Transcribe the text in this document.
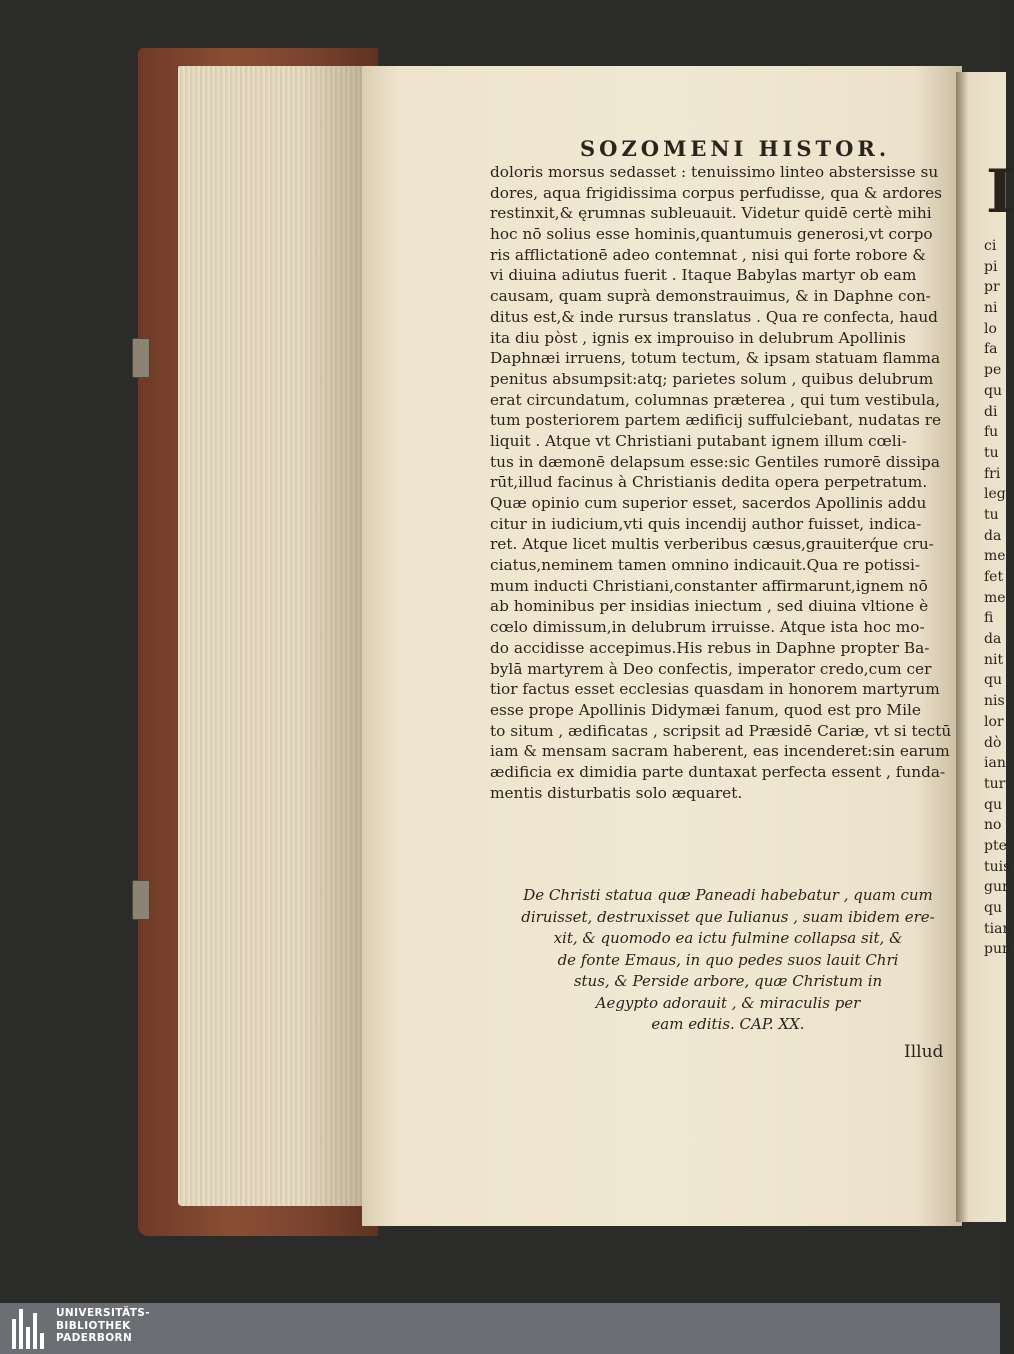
SOZOMENI HISTOR.
doloris morsus sedasset : tenuissimo linteo abstersisse su
dores, aqua frigidissima corpus perfudisse, qua & ardores
restinxit,& ęrumnas subleuauit. Videtur quidē certè mihi
hoc nō solius esse hominis,quantumuis generosi,vt corpo
ris afflictationē adeo contemnat , nisi qui forte robore &
vi diuina adiutus fuerit . Itaque Babylas martyr ob eam
causam, quam suprà demonstrauimus, & in Daphne con-
ditus est,& inde rursus translatus . Qua re confecta, haud
ita diu pòst , ignis ex improuiso in delubrum Apollinis
Daphnæi irruens, totum tectum, & ipsam statuam flamma
penitus absumpsit:atq; parietes solum , quibus delubrum
erat circundatum, columnas præterea , qui tum vestibula,
tum posteriorem partem ædificij suffulciebant, nudatas re
liquit . Atque vt Christiani putabant ignem illum cœli-
tus in dæmonē delapsum esse:sic Gentiles rumorē dissipa
rūt,illud facinus à Christianis dedita opera perpetratum.
Quæ opinio cum superior esset, sacerdos Apollinis addu
citur in iudicium,vti quis incendij author fuisset, indica-
ret. Atque licet multis verberibus cæsus,grauiterq́ue cru-
ciatus,neminem tamen omnino indicauit.Qua re potissi-
mum inducti Christiani,constanter affirmarunt,ignem nō
ab hominibus per insidias iniectum , sed diuina vltione è
cœlo dimissum,in delubrum irruisse. Atque ista hoc mo-
do accidisse accepimus.His rebus in Daphne propter Ba-
bylā martyrem à Deo confectis, imperator credo,cum cer
tior factus esset ecclesias quasdam in honorem martyrum
esse prope Apollinis Didymæi fanum, quod est pro Mile
to situm , ædificatas , scripsit ad Præsidē Cariæ, vt si tectū
iam & mensam sacram haberent, eas incenderet:sin earum
ædificia ex dimidia parte duntaxat perfecta essent , funda-
mentis disturbatis solo æquaret.
De Christi statua quæ Paneadi habebatur , quam cum
diruisset, destruxisset que Iulianus , suam ibidem ere-
xit, & quomodo ea ictu fulmine collapsa sit, &
de fonte Emaus, in quo pedes suos lauit Chri
stus, & Perside arbore, quæ Christum in
Aegypto adorauit , & miraculis per
eam editis. CAP. XX.
Illud
I
ci
pi
pr
ni
lo
fa
pe
qu
di
fu
tu
fri
leg
tu
da
me
fet
me
fi
da
nit
qu
nis
lor
dò
ian
tur
qu
no
pte
tuis
gur
qu
tian
pun
UNIVERSITÄTS-
BIBLIOTHEK
PADERBORN
